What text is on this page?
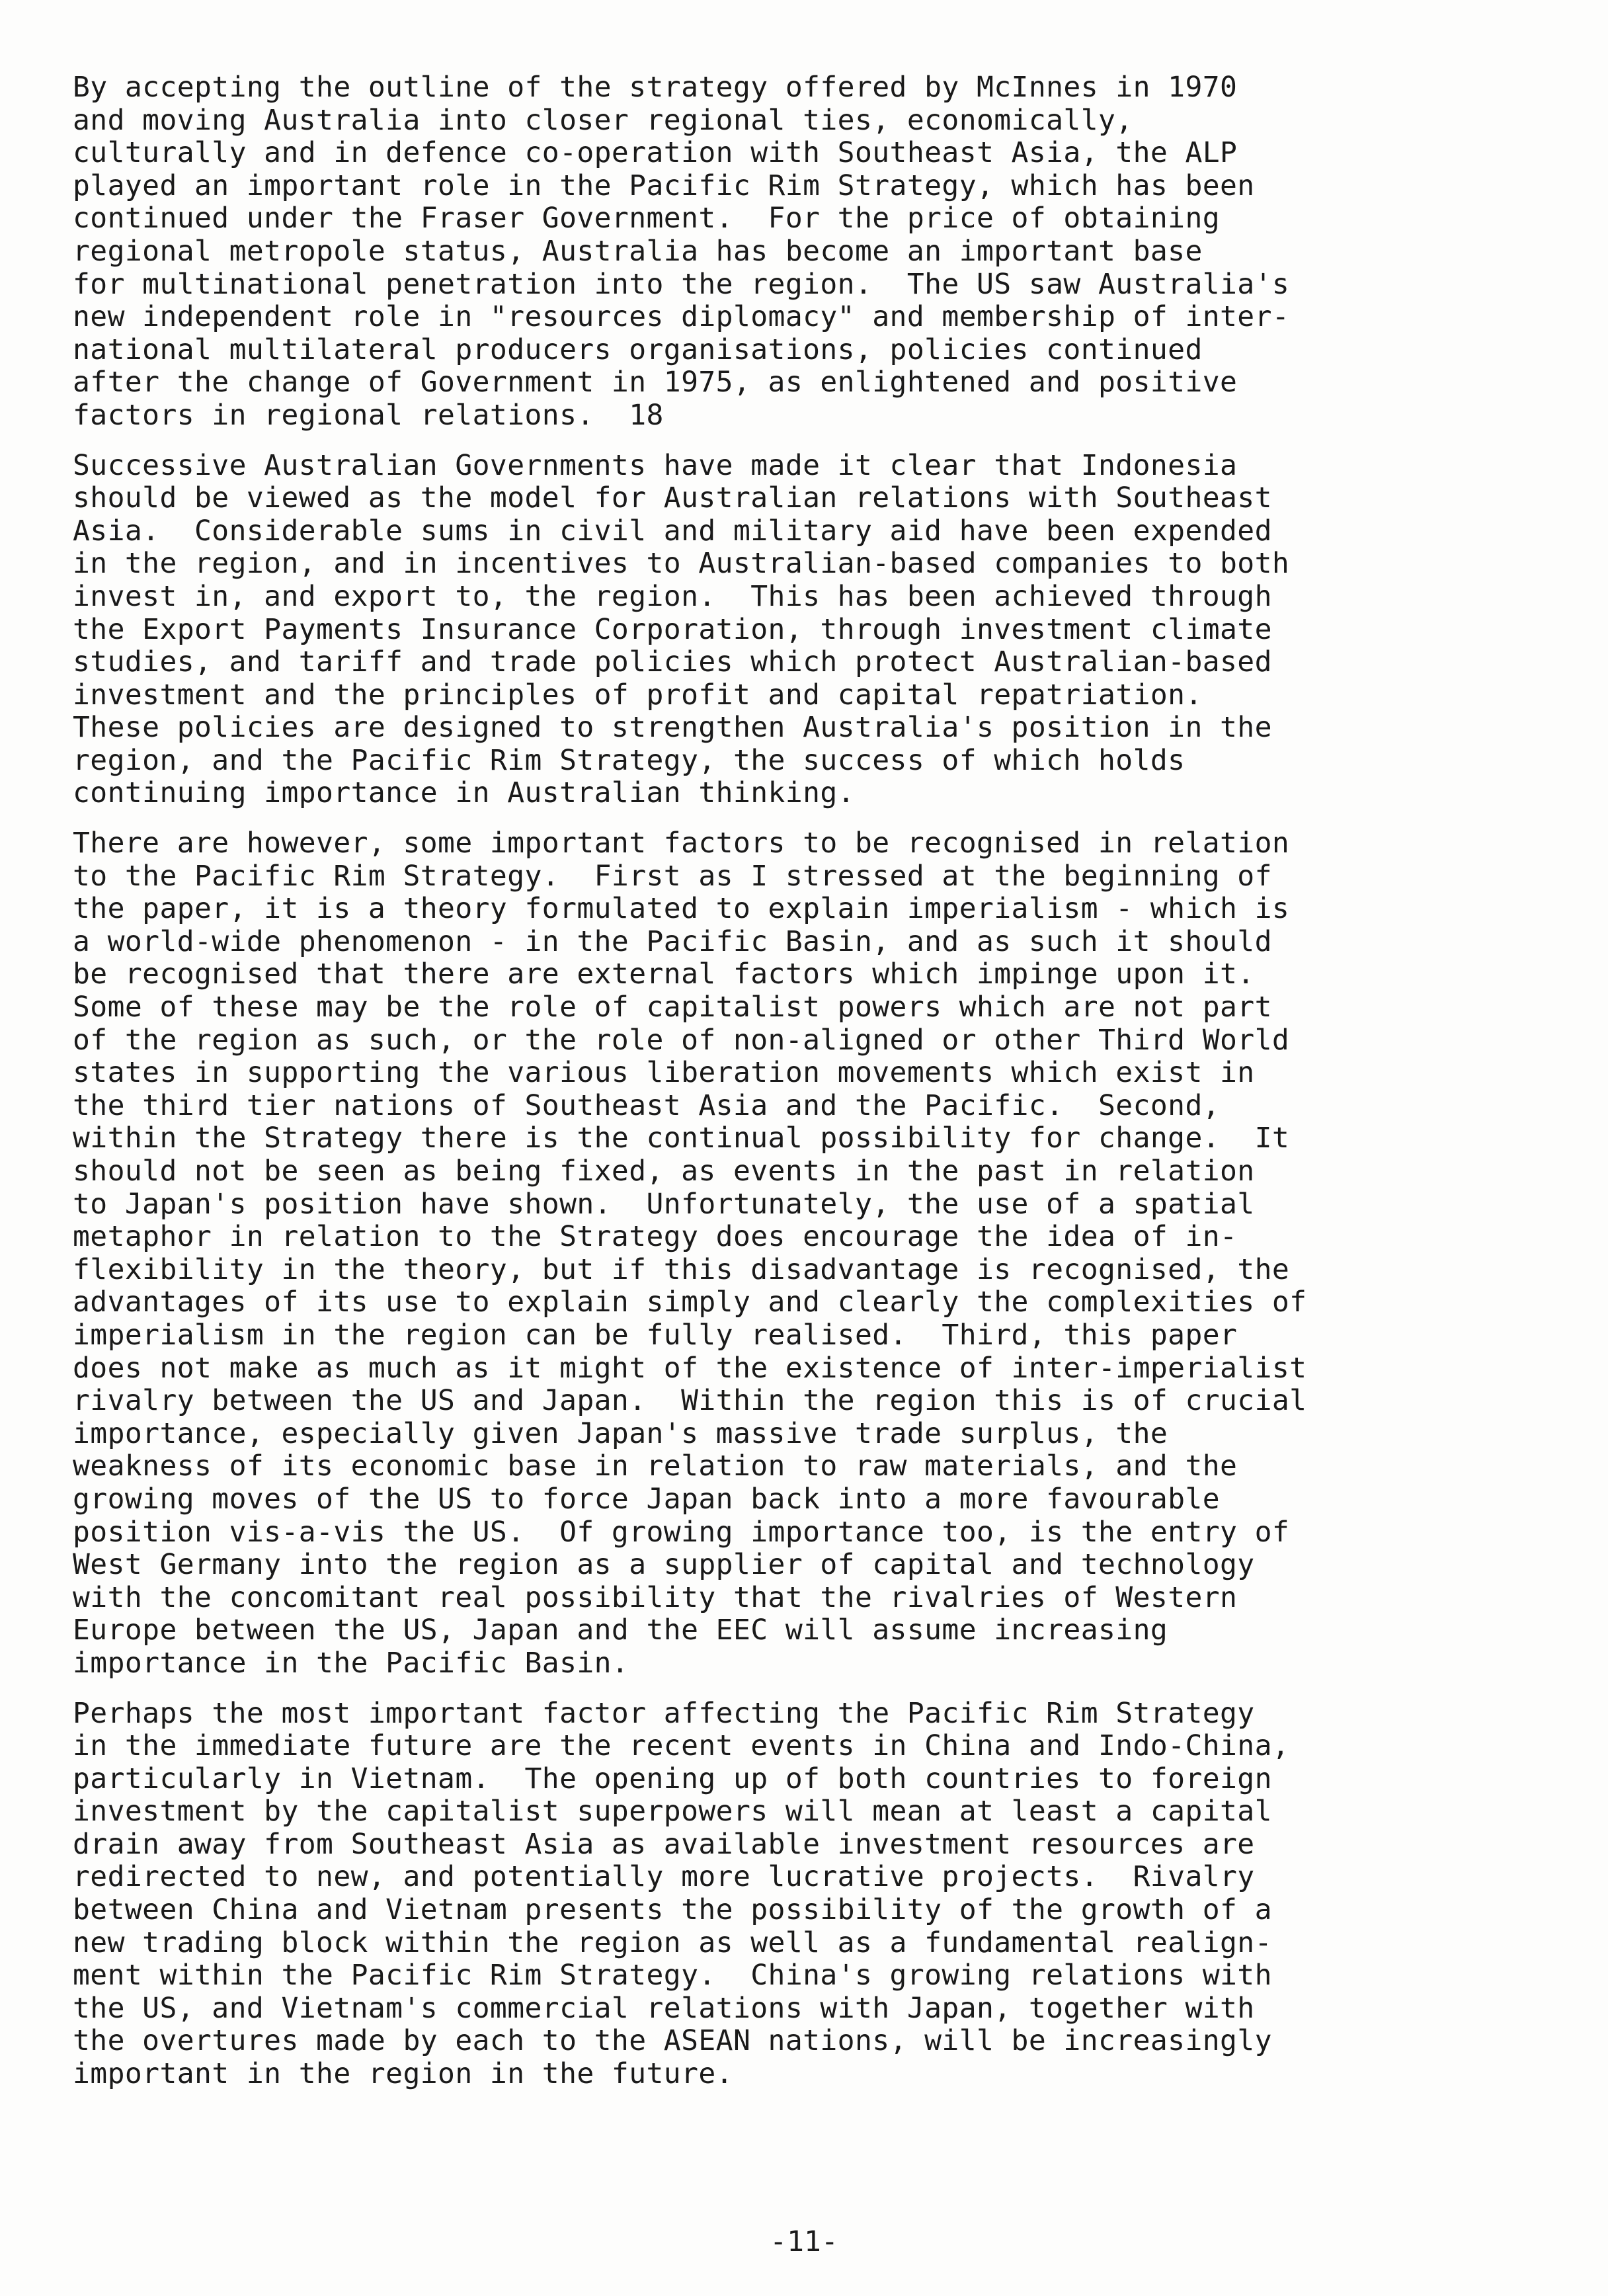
By accepting the outline of the strategy offered by McInnes in 1970
and moving Australia into closer regional ties, economically,
culturally and in defence co-operation with Southeast Asia, the ALP
played an important role in the Pacific Rim Strategy, which has been
continued under the Fraser Government.  For the price of obtaining
regional metropole status, Australia has become an important base
for multinational penetration into the region.  The US saw Australia's
new independent role in "resources diplomacy" and membership of inter-
national multilateral producers organisations, policies continued
after the change of Government in 1975, as enlightened and positive
factors in regional relations.  18

Successive Australian Governments have made it clear that Indonesia
should be viewed as the model for Australian relations with Southeast
Asia.  Considerable sums in civil and military aid have been expended
in the region, and in incentives to Australian-based companies to both
invest in, and export to, the region.  This has been achieved through
the Export Payments Insurance Corporation, through investment climate
studies, and tariff and trade policies which protect Australian-based
investment and the principles of profit and capital repatriation.
These policies are designed to strengthen Australia's position in the
region, and the Pacific Rim Strategy, the success of which holds
continuing importance in Australian thinking.

There are however, some important factors to be recognised in relation
to the Pacific Rim Strategy.  First as I stressed at the beginning of
the paper, it is a theory formulated to explain imperialism - which is
a world-wide phenomenon - in the Pacific Basin, and as such it should
be recognised that there are external factors which impinge upon it.
Some of these may be the role of capitalist powers which are not part
of the region as such, or the role of non-aligned or other Third World
states in supporting the various liberation movements which exist in
the third tier nations of Southeast Asia and the Pacific.  Second,
within the Strategy there is the continual possibility for change.  It
should not be seen as being fixed, as events in the past in relation
to Japan's position have shown.  Unfortunately, the use of a spatial
metaphor in relation to the Strategy does encourage the idea of in-
flexibility in the theory, but if this disadvantage is recognised, the
advantages of its use to explain simply and clearly the complexities of
imperialism in the region can be fully realised.  Third, this paper
does not make as much as it might of the existence of inter-imperialist
rivalry between the US and Japan.  Within the region this is of crucial
importance, especially given Japan's massive trade surplus, the
weakness of its economic base in relation to raw materials, and the
growing moves of the US to force Japan back into a more favourable
position vis-a-vis the US.  Of growing importance too, is the entry of
West Germany into the region as a supplier of capital and technology
with the concomitant real possibility that the rivalries of Western
Europe between the US, Japan and the EEC will assume increasing
importance in the Pacific Basin.

Perhaps the most important factor affecting the Pacific Rim Strategy
in the immediate future are the recent events in China and Indo-China,
particularly in Vietnam.  The opening up of both countries to foreign
investment by the capitalist superpowers will mean at least a capital
drain away from Southeast Asia as available investment resources are
redirected to new, and potentially more lucrative projects.  Rivalry
between China and Vietnam presents the possibility of the growth of a
new trading block within the region as well as a fundamental realign-
ment within the Pacific Rim Strategy.  China's growing relations with
the US, and Vietnam's commercial relations with Japan, together with
the overtures made by each to the ASEAN nations, will be increasingly
important in the region in the future.

-11-
